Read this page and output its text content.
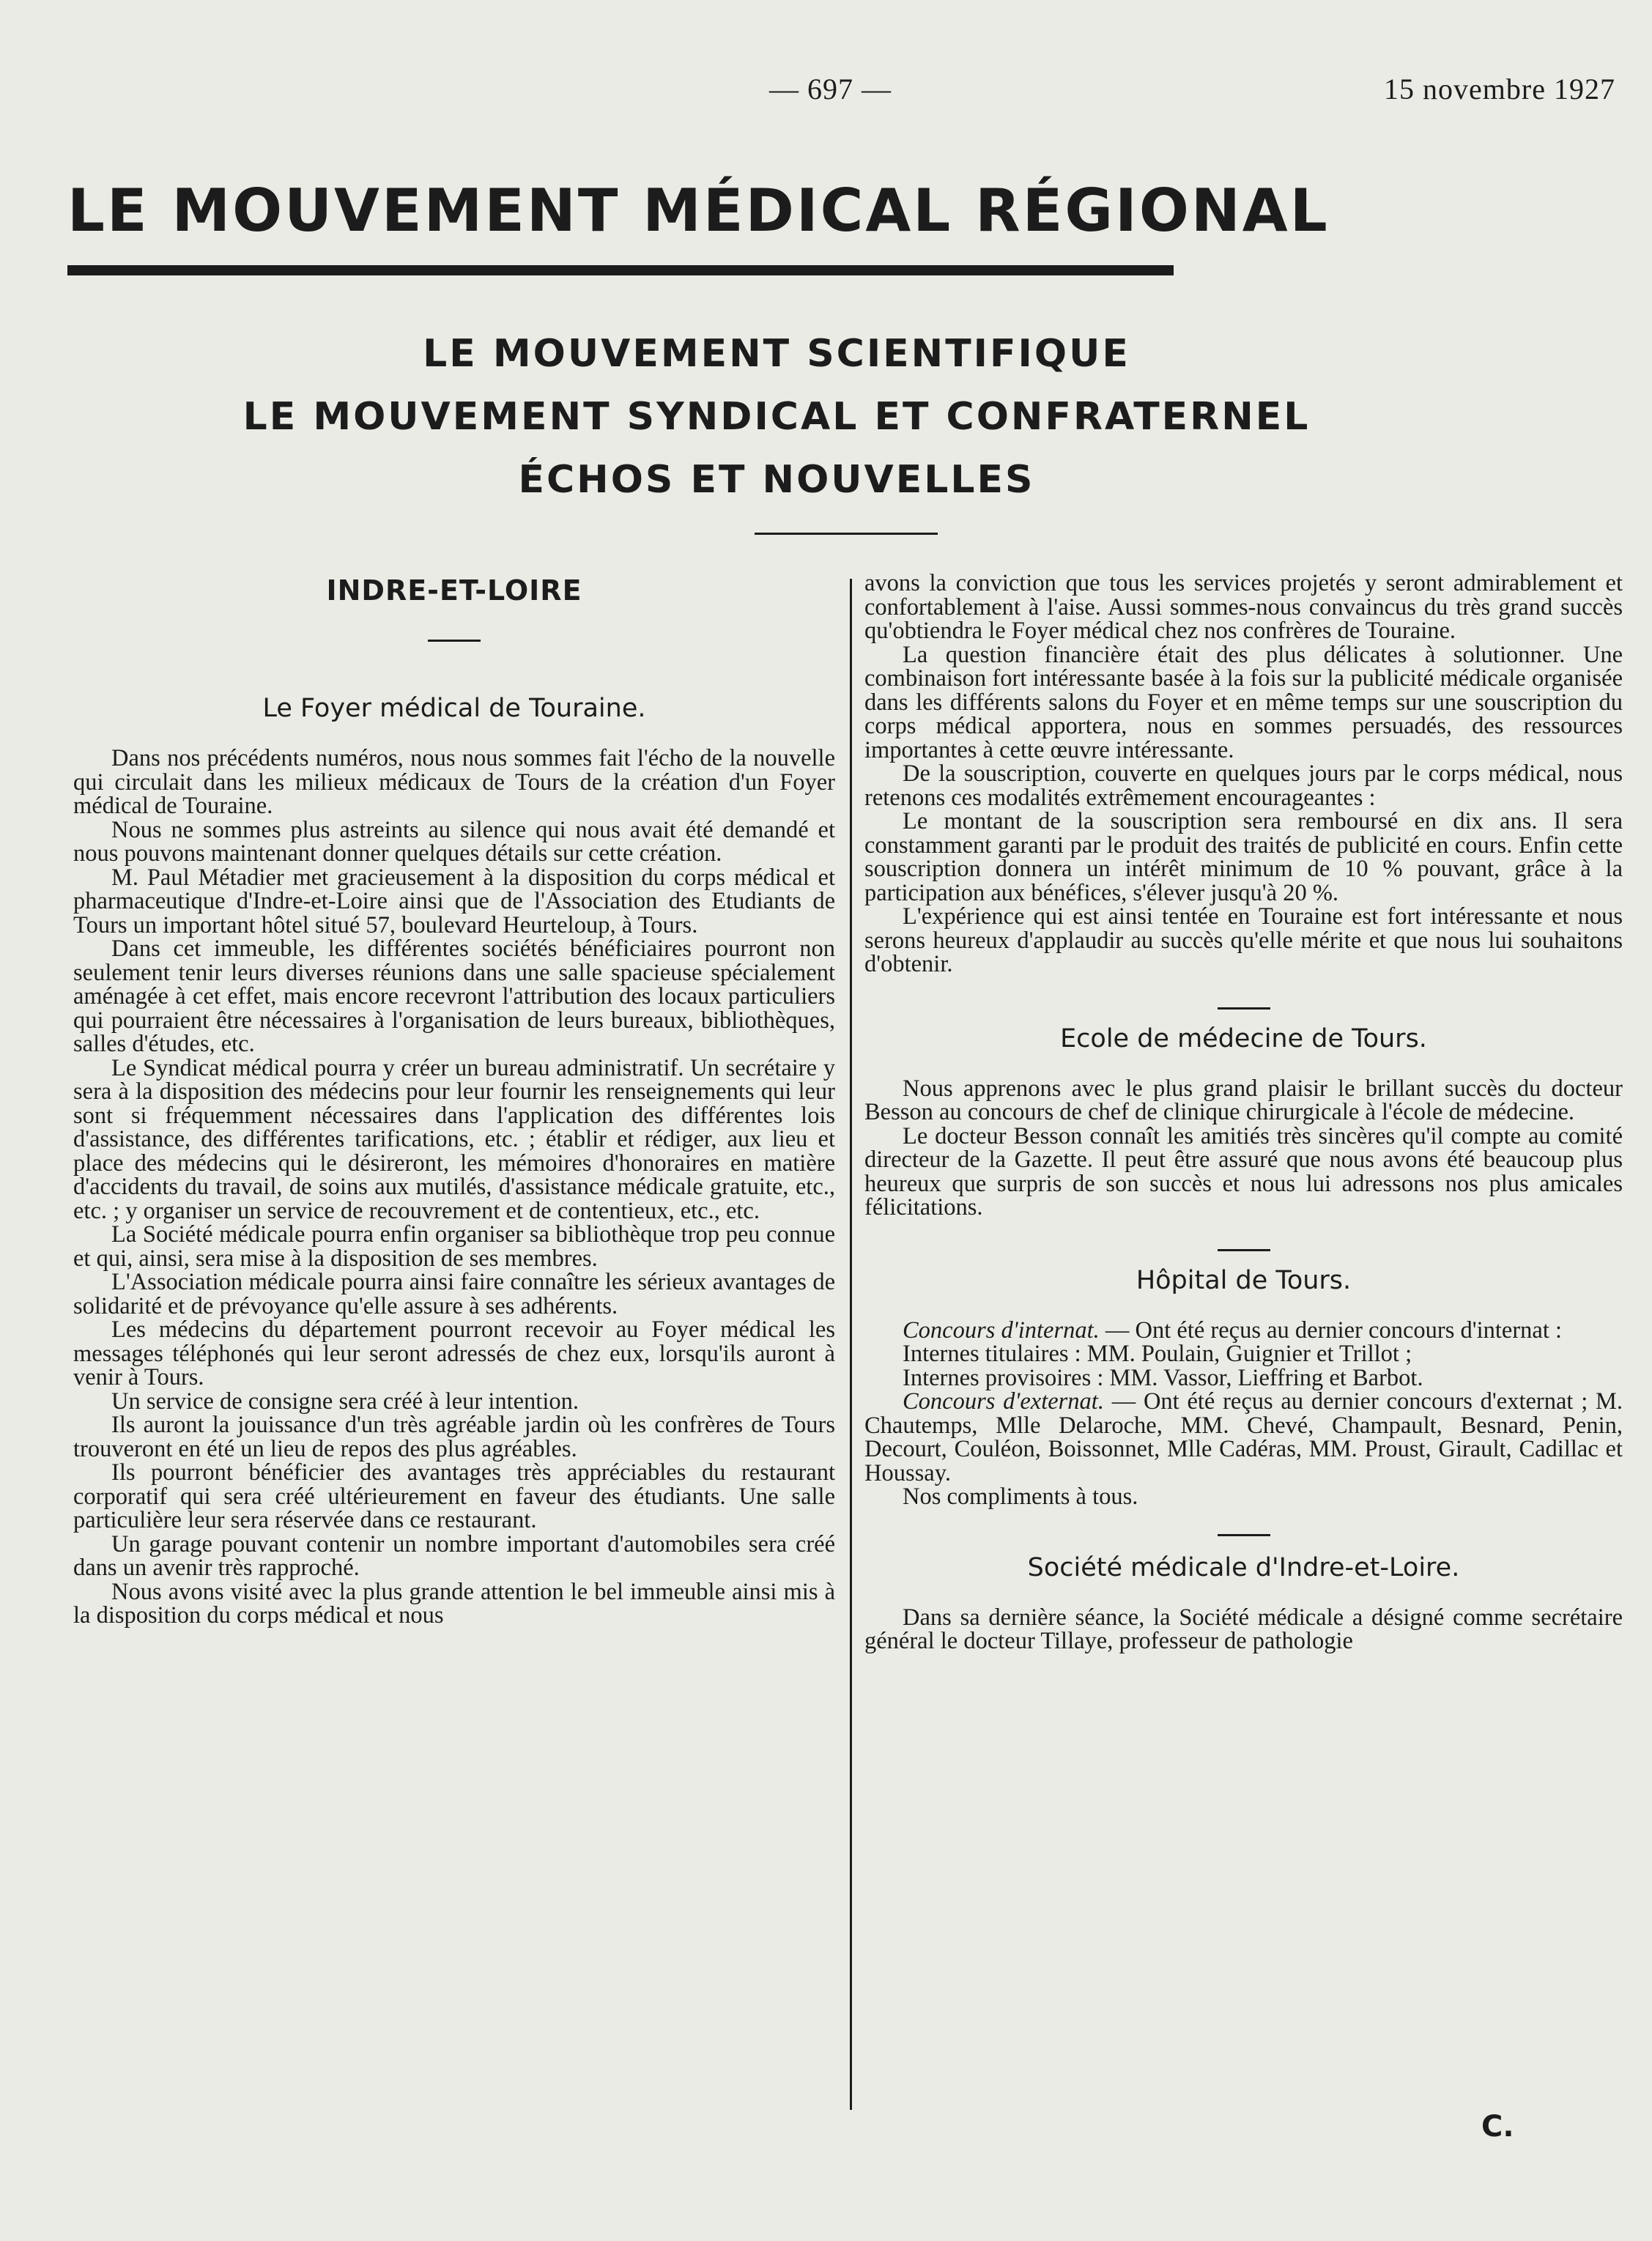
— 697 —	15 novembre 1927
LE MOUVEMENT MÉDICAL RÉGIONAL
LE MOUVEMENT SCIENTIFIQUE
LE MOUVEMENT SYNDICAL ET CONFRATERNEL
ÉCHOS ET NOUVELLES
INDRE-ET-LOIRE
Le Foyer médical de Touraine.

Dans nos précédents numéros, nous nous sommes fait l'écho de la nouvelle qui circulait dans les milieux médicaux de Tours de la création d'un Foyer médical de Touraine.

Nous ne sommes plus astreints au silence qui nous avait été demandé et nous pouvons maintenant donner quelques détails sur cette création.

M. Paul Métadier met gracieusement à la disposition du corps médical et pharmaceutique d'Indre-et-Loire ainsi que de l'Association des Etudiants de Tours un important hôtel situé 57, boulevard Heurteloup, à Tours.

Dans cet immeuble, les différentes sociétés bénéficiaires pourront non seulement tenir leurs diverses réunions dans une salle spacieuse spécialement aménagée à cet effet, mais encore recevront l'attribution des locaux particuliers qui pourraient être nécessaires à l'organisation de leurs bureaux, bibliothèques, salles d'études, etc.

Le Syndicat médical pourra y créer un bureau administratif. Un secrétaire y sera à la disposition des médecins pour leur fournir les renseignements qui leur sont si fréquemment nécessaires dans l'application des différentes lois d'assistance, des différentes tarifications, etc. ; établir et rédiger, aux lieu et place des médecins qui le désireront, les mémoires d'honoraires en matière d'accidents du travail, de soins aux mutilés, d'assistance médicale gratuite, etc., etc. ; y organiser un service de recouvrement et de contentieux, etc., etc.

La Société médicale pourra enfin organiser sa bibliothèque trop peu connue et qui, ainsi, sera mise à la disposition de ses membres.

L'Association médicale pourra ainsi faire connaître les sérieux avantages de solidarité et de prévoyance qu'elle assure à ses adhérents.

Les médecins du département pourront recevoir au Foyer médical les messages téléphonés qui leur seront adressés de chez eux, lorsqu'ils auront à venir à Tours.

Un service de consigne sera créé à leur intention.

Ils auront la jouissance d'un très agréable jardin où les confrères de Tours trouveront en été un lieu de repos des plus agréables.

Ils pourront bénéficier des avantages très appréciables du restaurant corporatif qui sera créé ultérieurement en faveur des étudiants. Une salle particulière leur sera réservée dans ce restaurant.

Un garage pouvant contenir un nombre important d'automobiles sera créé dans un avenir très rapproché.

Nous avons visité avec la plus grande attention le bel immeuble ainsi mis à la disposition du corps médical et nous

avons la conviction que tous les services projetés y seront admirablement et confortablement à l'aise. Aussi sommes-nous convaincus du très grand succès qu'obtiendra le Foyer médical chez nos confrères de Touraine.

La question financière était des plus délicates à solutionner. Une combinaison fort intéressante basée à la fois sur la publicité médicale organisée dans les différents salons du Foyer et en même temps sur une souscription du corps médical apportera, nous en sommes persuadés, des ressources importantes à cette œuvre intéressante.

De la souscription, couverte en quelques jours par le corps médical, nous retenons ces modalités extrêmement encourageantes :

Le montant de la souscription sera remboursé en dix ans. Il sera constamment garanti par le produit des traités de publicité en cours. Enfin cette souscription donnera un intérêt minimum de 10 % pouvant, grâce à la participation aux bénéfices, s'élever jusqu'à 20 %.

L'expérience qui est ainsi tentée en Touraine est fort intéressante et nous serons heureux d'applaudir au succès qu'elle mérite et que nous lui souhaitons d'obtenir.

Ecole de médecine de Tours.

Nous apprenons avec le plus grand plaisir le brillant succès du docteur Besson au concours de chef de clinique chirurgicale à l'école de médecine.

Le docteur Besson connaît les amitiés très sincères qu'il compte au comité directeur de la Gazette. Il peut être assuré que nous avons été beaucoup plus heureux que surpris de son succès et nous lui adressons nos plus amicales félicitations.

Hôpital de Tours.

Concours d'internat. — Ont été reçus au dernier concours d'internat :

Internes titulaires : MM. Poulain, Guignier et Trillot ;

Internes provisoires : MM. Vassor, Lieffring et Barbot.

Concours d'externat. — Ont été reçus au dernier concours d'externat ; M. Chautemps, Mlle Delaroche, MM. Chevé, Champault, Besnard, Penin, Decourt, Couléon, Boissonnet, Mlle Cadéras, MM. Proust, Girault, Cadillac et Houssay.

Nos compliments à tous.

Société médicale d'Indre-et-Loire.

Dans sa dernière séance, la Société médicale a désigné comme secrétaire général le docteur Tillaye, professeur de pathologie

C.
